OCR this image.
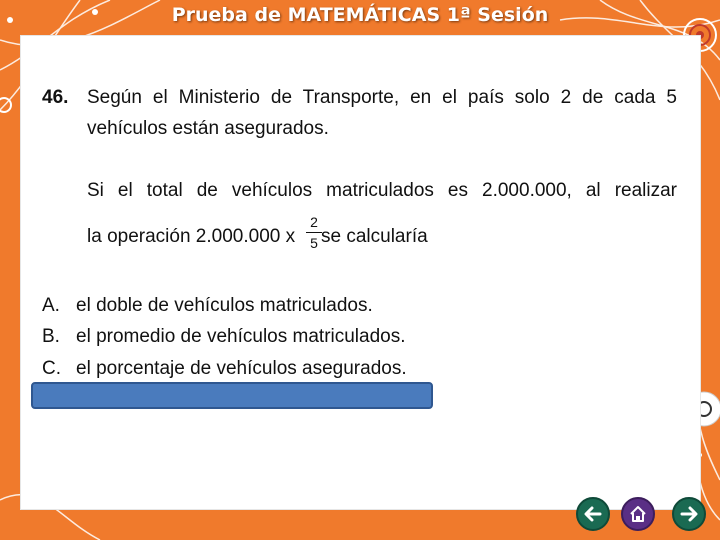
Prueba de MATEMÁTICAS 1ª Sesión
46. Según el Ministerio de Transporte, en el país solo 2 de cada 5
vehículos están asegurados.
Si el total de vehículos matriculados es 2.000.000, al realizar
la operación 2.000.000 x
2
5 se calcularía
A. el doble de vehículos matriculados.
B. el promedio de vehículos matriculados.
C. el porcentaje de vehículos asegurados.
